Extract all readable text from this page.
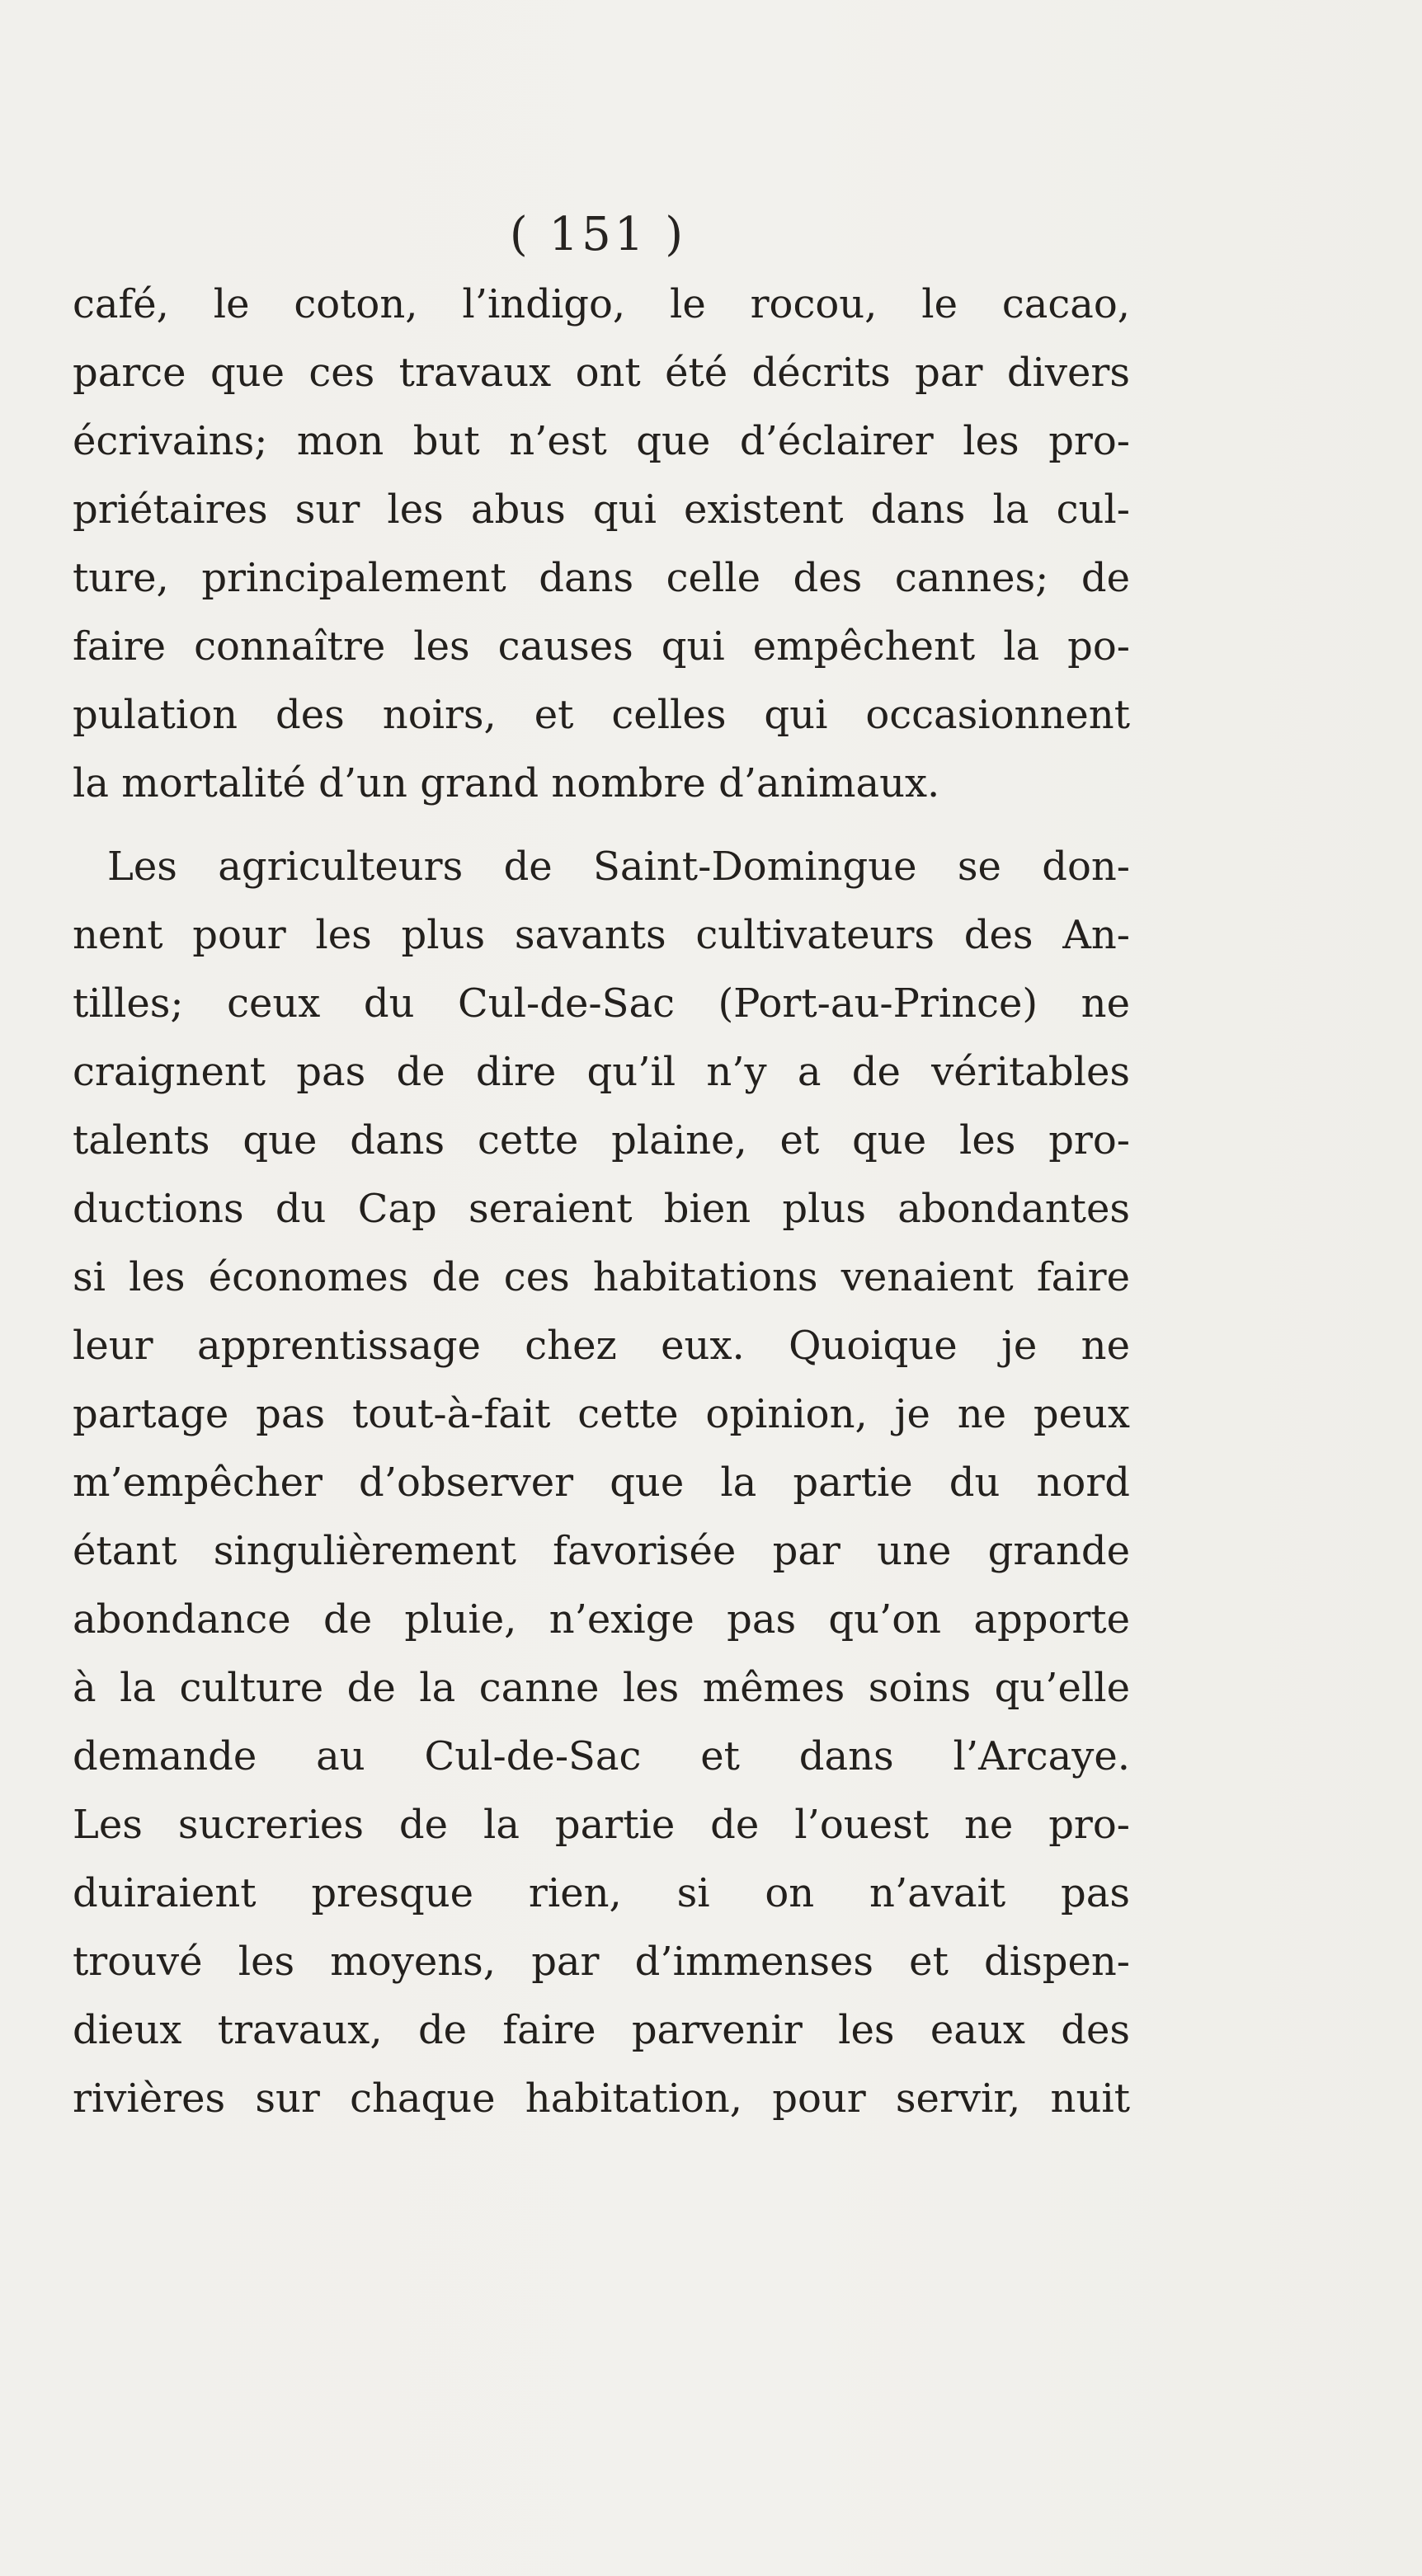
( 151 )
café, le coton, l’indigo, le rocou, le cacao,
parce que ces travaux ont été décrits par divers
écrivains; mon but n’est que d’éclairer les pro-
priétaires sur les abus qui existent dans la cul-
ture, principalement dans celle des cannes; de
faire connaître les causes qui empêchent la po-
pulation des noirs, et celles qui occasionnent
la mortalité d’un grand nombre d’animaux.
Les agriculteurs de Saint-Domingue se don-
nent pour les plus savants cultivateurs des An-
tilles; ceux du Cul-de-Sac (Port-au-Prince) ne
craignent pas de dire qu’il n’y a de véritables
talents que dans cette plaine, et que les pro-
ductions du Cap seraient bien plus abondantes
si les économes de ces habitations venaient faire
leur apprentissage chez eux. Quoique je ne
partage pas tout-à-fait cette opinion, je ne peux
m’empêcher d’observer que la partie du nord
étant singulièrement favorisée par une grande
abondance de pluie, n’exige pas qu’on apporte
à la culture de la canne les mêmes soins qu’elle
demande au Cul-de-Sac et dans l’Arcaye.
Les sucreries de la partie de l’ouest ne pro-
duiraient presque rien, si on n’avait pas
trouvé les moyens, par d’immenses et dispen-
dieux travaux, de faire parvenir les eaux des
rivières sur chaque habitation, pour servir, nuit
